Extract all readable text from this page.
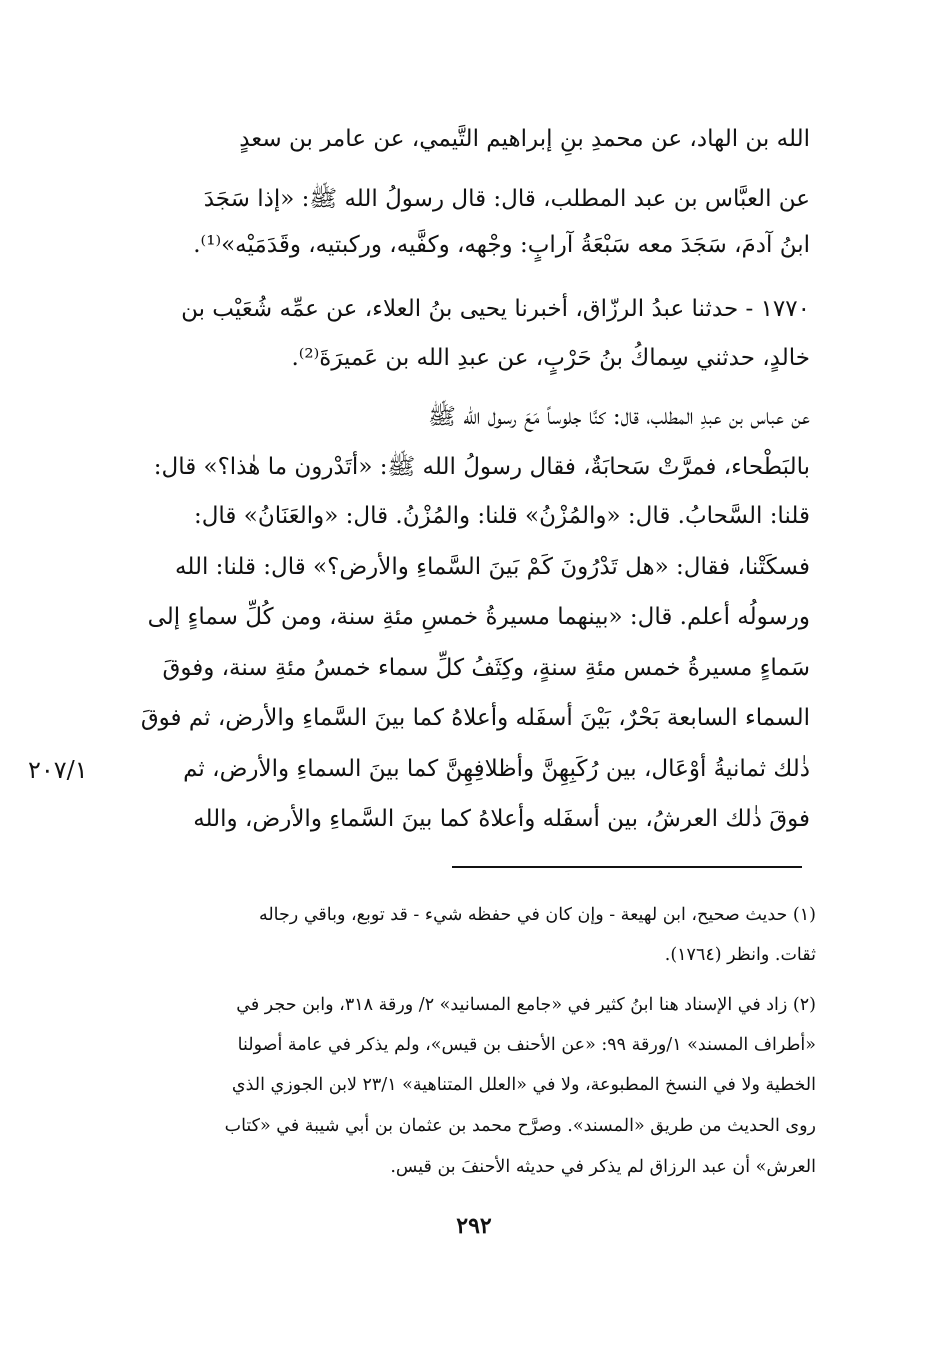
الله بن الهاد، عن محمدِ بنِ إبراهيم التَّيمي، عن عامر بن سعدٍ
عن العبَّاس بن عبد المطلب، قال: قال رسولُ الله ﷺ: «إذا سَجَدَ
ابنُ آدمَ، سَجَدَ معه سَبْعَةُ آرابٍ: وجْهه، وكفَّيه، وركبتيه، وقَدَمَيْه»⁽¹⁾.
١٧٧٠ - حدثنا عبدُ الرزّاق، أخبرنا يحيى بنُ العلاء، عن عمِّه شُعَيْب بن
خالدٍ، حدثني سِماكُ بنُ حَرْبٍ، عن عبدِ الله بن عَميرَةَ⁽²⁾.
عن عباس بن عبدِ المطلب، قال: كنَّا جلوساً مَعَ رسول الله ﷺ
بالبَطْحاء، فمرَّتْ سَحابَةٌ، فقال رسولُ الله ﷺ: «أتَدْرون ما هٰذا؟» قال:
قلنا: السَّحابُ. قال: «والمُزْنُ» قلنا: والمُزْنُ. قال: «والعَنَانُ» قال:
فسكَتْنا، فقال: «هل تَدْرُونَ كَمْ بَينَ السَّماءِ والأرض؟» قال: قلنا: الله
ورسولُه أعلم. قال: «بينهما مسيرةُ خمسِ مئةِ سنة، ومن كُلِّ سماءٍ إلى
سَماءٍ مسيرةُ خمس مئةِ سنةٍ، وكِثَفُ كلِّ سماء خمسُ مئةِ سنة، وفوقَ
السماء السابعة بَحْرٌ، بَيْنَ أسفَله وأعلاهُ كما بينَ السَّماءِ والأرض، ثم فوقَ
ذٰلك ثمانيةُ أوْعَال، بين رُكَبِهِنَّ وأظلافِهِنَّ كما بينَ السماءِ والأرض، ثم
فوقَ ذٰلك العرشُ، بين أسفَله وأعلاهُ كما بينَ السَّماءِ والأرض، والله
٢٠٧/١
(١) حديث صحيح، ابن لهيعة - وإن كان في حفظه شيء - قد توبع، وباقي رجاله
ثقات. وانظر (١٧٦٤).
(٢) زاد في الإسناد هنا ابنُ كثير في «جامع المسانيد» ٢/ ورقة ٣١٨، وابن حجر في
«أطراف المسند» ١/ورقة ٩٩: «عن الأحنف بن قيس»، ولم يذكر في عامة أصولنا
الخطية ولا في النسخ المطبوعة، ولا في «العلل المتناهية» ٢٣/١ لابن الجوزي الذي
روى الحديث من طريق «المسند». وصرَّح محمد بن عثمان بن أبي شيبة في «كتاب
العرش» أن عبد الرزاق لم يذكر في حديثه الأحنفَ بن قيس.
٢٩٢
